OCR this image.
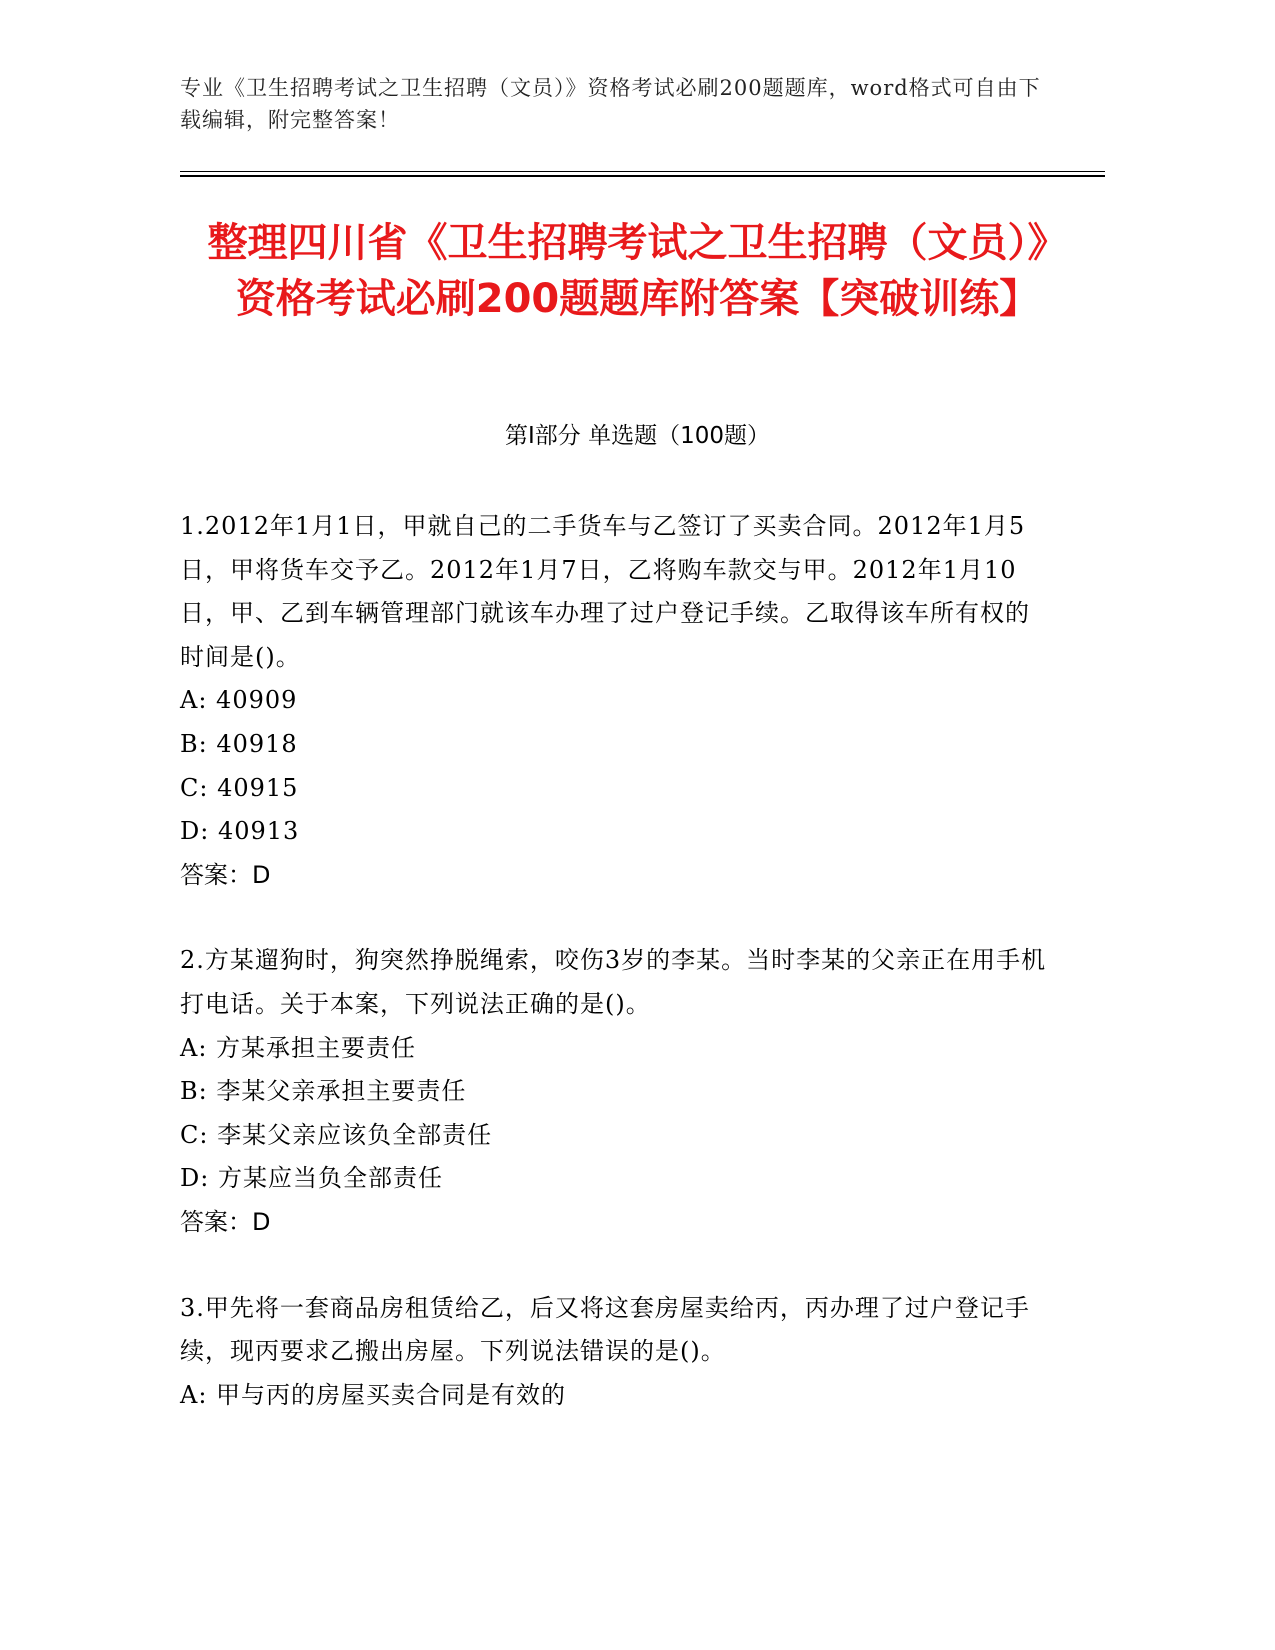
专业《卫生招聘考试之卫生招聘（文员）》资格考试必刷200题题库，word格式可自由下载编辑，附完整答案！
整理四川省《卫生招聘考试之卫生招聘（文员）》资格考试必刷200题题库附答案【突破训练】
第Ⅰ部分 单选题（100题）
1.2012年1月1日，甲就自己的二手货车与乙签订了买卖合同。2012年1月5日，甲将货车交予乙。2012年1月7日，乙将购车款交与甲。2012年1月10日，甲、乙到车辆管理部门就该车办理了过户登记手续。乙取得该车所有权的时间是()。
A: 40909
B: 40918
C: 40915
D: 40913
答案：D
2.方某遛狗时，狗突然挣脱绳索，咬伤3岁的李某。当时李某的父亲正在用手机打电话。关于本案，下列说法正确的是()。
A: 方某承担主要责任
B: 李某父亲承担主要责任
C: 李某父亲应该负全部责任
D: 方某应当负全部责任
答案：D
3.甲先将一套商品房租赁给乙，后又将这套房屋卖给丙，丙办理了过户登记手续，现丙要求乙搬出房屋。下列说法错误的是()。
A: 甲与丙的房屋买卖合同是有效的
